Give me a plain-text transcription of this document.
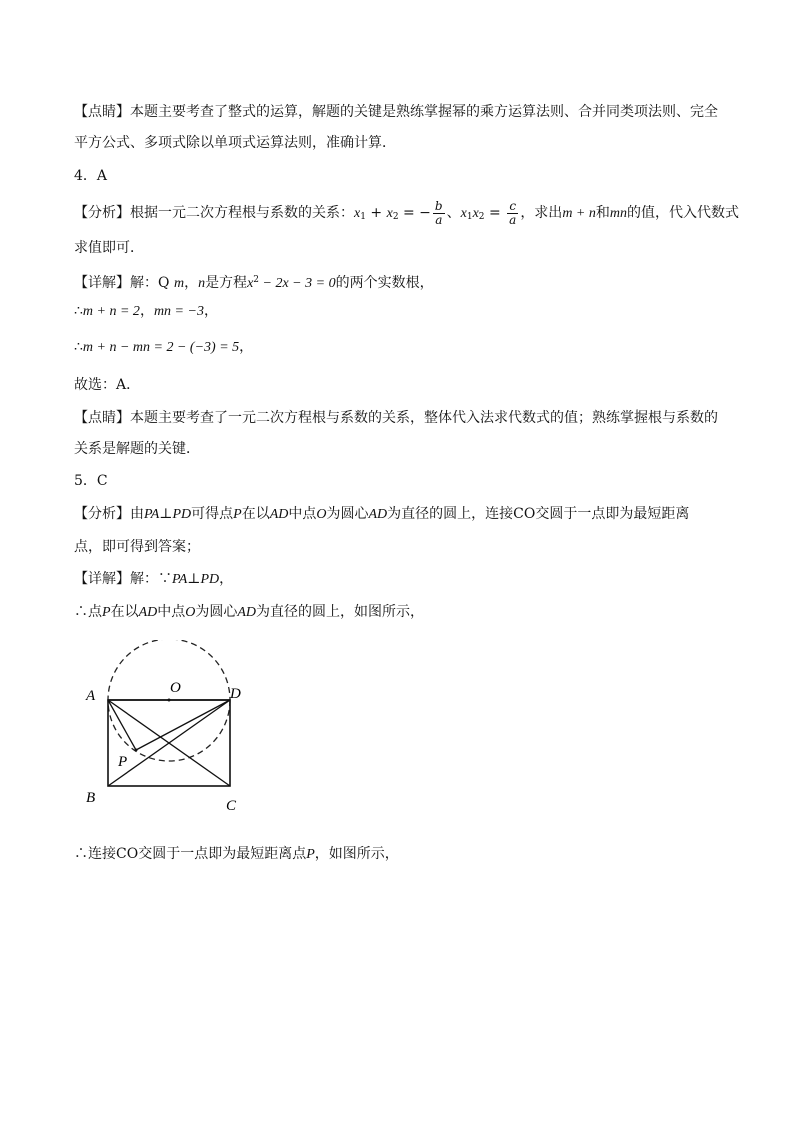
【点睛】本题主要考查了整式的运算，解题的关键是熟练掌握幂的乘方运算法则、合并同类项法则、完全
平方公式、多项式除以单项式运算法则，准确计算．
4．A
【分析】根据一元二次方程根与系数的关系：$x_1 + x_2$ = − $\frac{b}{a}$ 、$x_1x_2 = \frac{c}{a}$ ，求出m + n和mn的值，代入代数式
求值即可．
【详解】解：Q m，n是方程$x^2 - 2x - 3 = 0$的两个实数根，
∴m + n = 2，mn = −3，
∴m + n − mn = 2 − (−3) = 5，
故选：A．
【点睛】本题主要考查了一元二次方程根与系数的关系，整体代入法求代数式的值；熟练掌握根与系数的
关系是解题的关键．
5．C
【分析】由PA⊥PD可得点P在以AD中点O为圆心AD为直径的圆上，连接CO交圆于一点即为最短距离
点，即可得到答案；
【详解】解：∵PA⊥PD，
∴点P在以AD中点O为圆心AD为直径的圆上，如图所示，
A	O	D
P
B	C
∴连接CO交圆于一点即为最短距离点P，如图所示，
